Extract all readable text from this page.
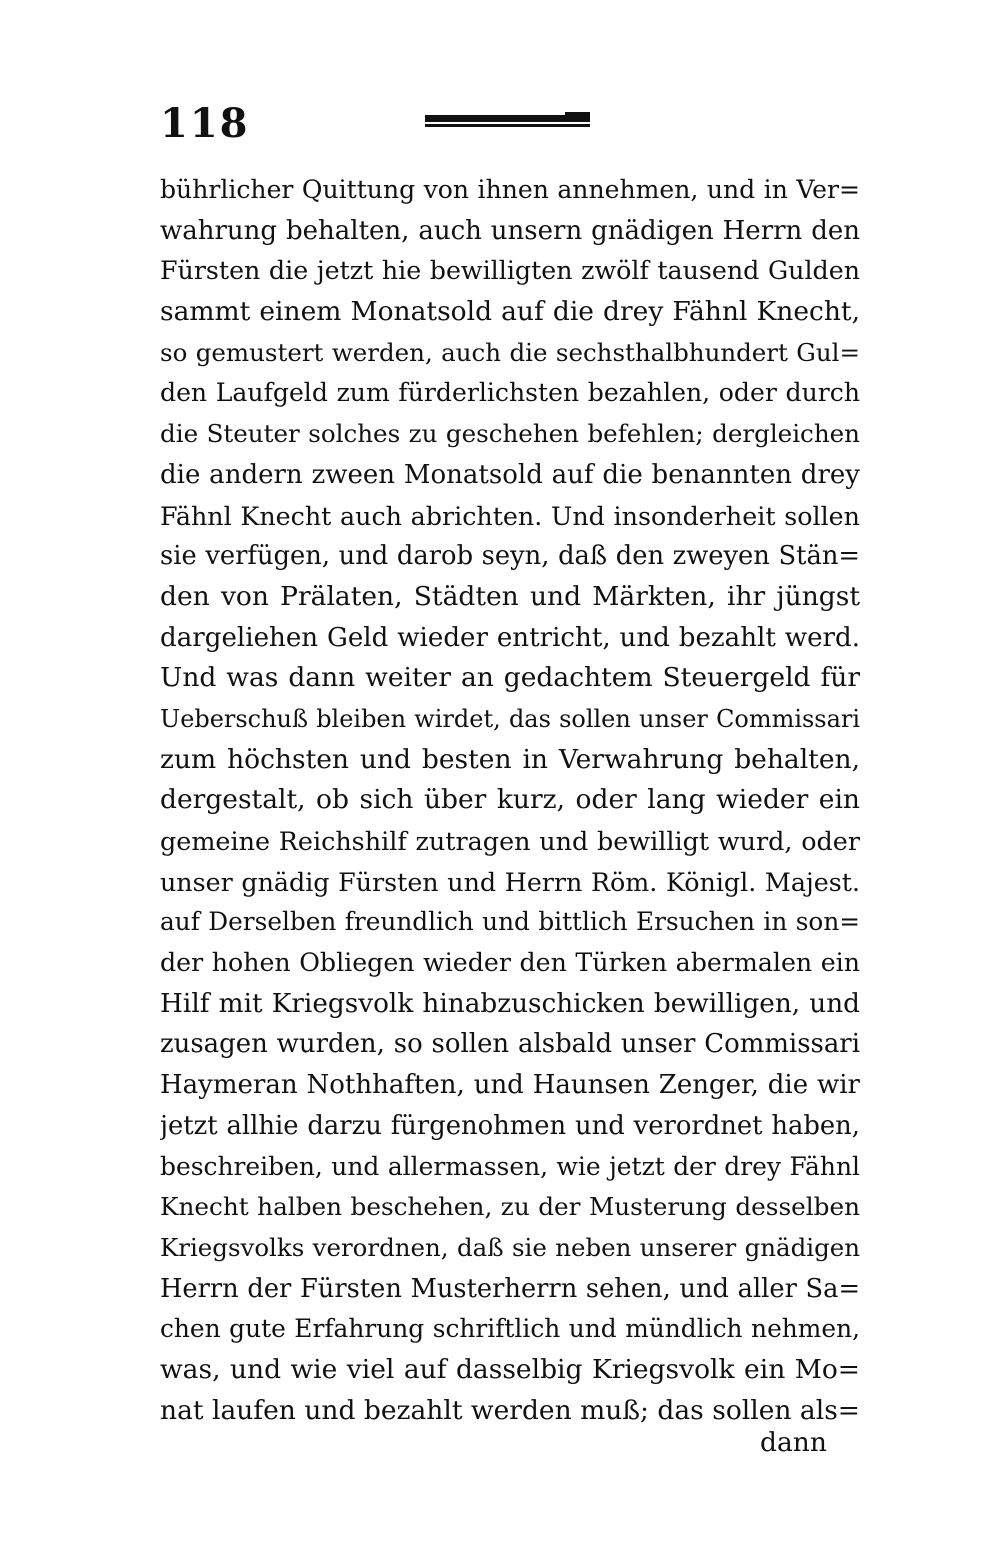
118
bührlicher Quittung von ihnen annehmen, und in Ver=
wahrung behalten, auch unsern gnädigen Herrn den
Fürsten die jetzt hie bewilligten zwölf tausend Gulden
sammt einem Monatsold auf die drey Fähnl Knecht,
so gemustert werden, auch die sechsthalbhundert Gul=
den Laufgeld zum fürderlichsten bezahlen, oder durch
die Steuter solches zu geschehen befehlen; dergleichen
die andern zween Monatsold auf die benannten drey
Fähnl Knecht auch abrichten. Und insonderheit sollen
sie verfügen, und darob seyn, daß den zweyen Stän=
den von Prälaten, Städten und Märkten, ihr jüngst
dargeliehen Geld wieder entricht, und bezahlt werd.
Und was dann weiter an gedachtem Steuergeld für
Ueberschuß bleiben wirdet, das sollen unser Commissari
zum höchsten und besten in Verwahrung behalten,
dergestalt, ob sich über kurz, oder lang wieder ein
gemeine Reichshilf zutragen und bewilligt wurd, oder
unser gnädig Fürsten und Herrn Röm. Königl. Majest.
auf Derselben freundlich und bittlich Ersuchen in son=
der hohen Obliegen wieder den Türken abermalen ein
Hilf mit Kriegsvolk hinabzuschicken bewilligen, und
zusagen wurden, so sollen alsbald unser Commissari
Haymeran Nothhaften, und Haunsen Zenger, die wir
jetzt allhie darzu fürgenohmen und verordnet haben,
beschreiben, und allermassen, wie jetzt der drey Fähnl
Knecht halben beschehen, zu der Musterung desselben
Kriegsvolks verordnen, daß sie neben unserer gnädigen
Herrn der Fürsten Musterherrn sehen, und aller Sa=
chen gute Erfahrung schriftlich und mündlich nehmen,
was, und wie viel auf dasselbig Kriegsvolk ein Mo=
nat laufen und bezahlt werden muß; das sollen als=
dann
